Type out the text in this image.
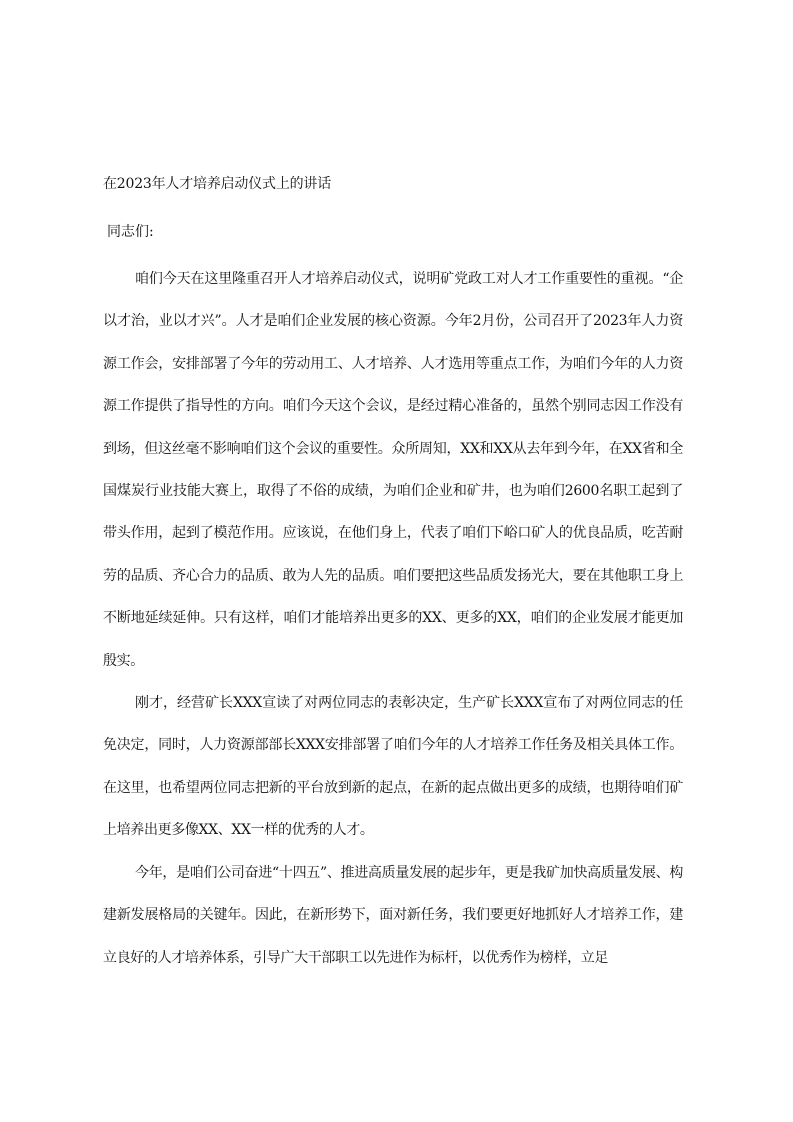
在2023年人才培养启动仪式上的讲话

同志们:

咱们今天在这里隆重召开人才培养启动仪式，说明矿党政工对人才工作重要性的重视。“企以才治，业以才兴”。人才是咱们企业发展的核心资源。今年2月份，公司召开了2023年人力资源工作会，安排部署了今年的劳动用工、人才培养、人才选用等重点工作，为咱们今年的人力资源工作提供了指导性的方向。咱们今天这个会议，是经过精心准备的，虽然个别同志因工作没有到场，但这丝毫不影响咱们这个会议的重要性。众所周知，XX和XX从去年到今年，在XX省和全国煤炭行业技能大赛上，取得了不俗的成绩，为咱们企业和矿井，也为咱们2600名职工起到了带头作用，起到了模范作用。应该说，在他们身上，代表了咱们下峪口矿人的优良品质，吃苦耐劳的品质、齐心合力的品质、敢为人先的品质。咱们要把这些品质发扬光大，要在其他职工身上不断地延续延伸。只有这样，咱们才能培养出更多的XX、更多的XX，咱们的企业发展才能更加殷实。

刚才，经营矿长XXX宣读了对两位同志的表彰决定，生产矿长XXX宣布了对两位同志的任免决定，同时，人力资源部部长XXX安排部署了咱们今年的人才培养工作任务及相关具体工作。在这里，也希望两位同志把新的平台放到新的起点，在新的起点做出更多的成绩，也期待咱们矿上培养出更多像XX、XX一样的优秀的人才。

今年，是咱们公司奋进“十四五”、推进高质量发展的起步年，更是我矿加快高质量发展、构建新发展格局的关键年。因此，在新形势下，面对新任务，我们要更好地抓好人才培养工作，建立良好的人才培养体系，引导广大干部职工以先进作为标杆，以优秀作为榜样，立足
